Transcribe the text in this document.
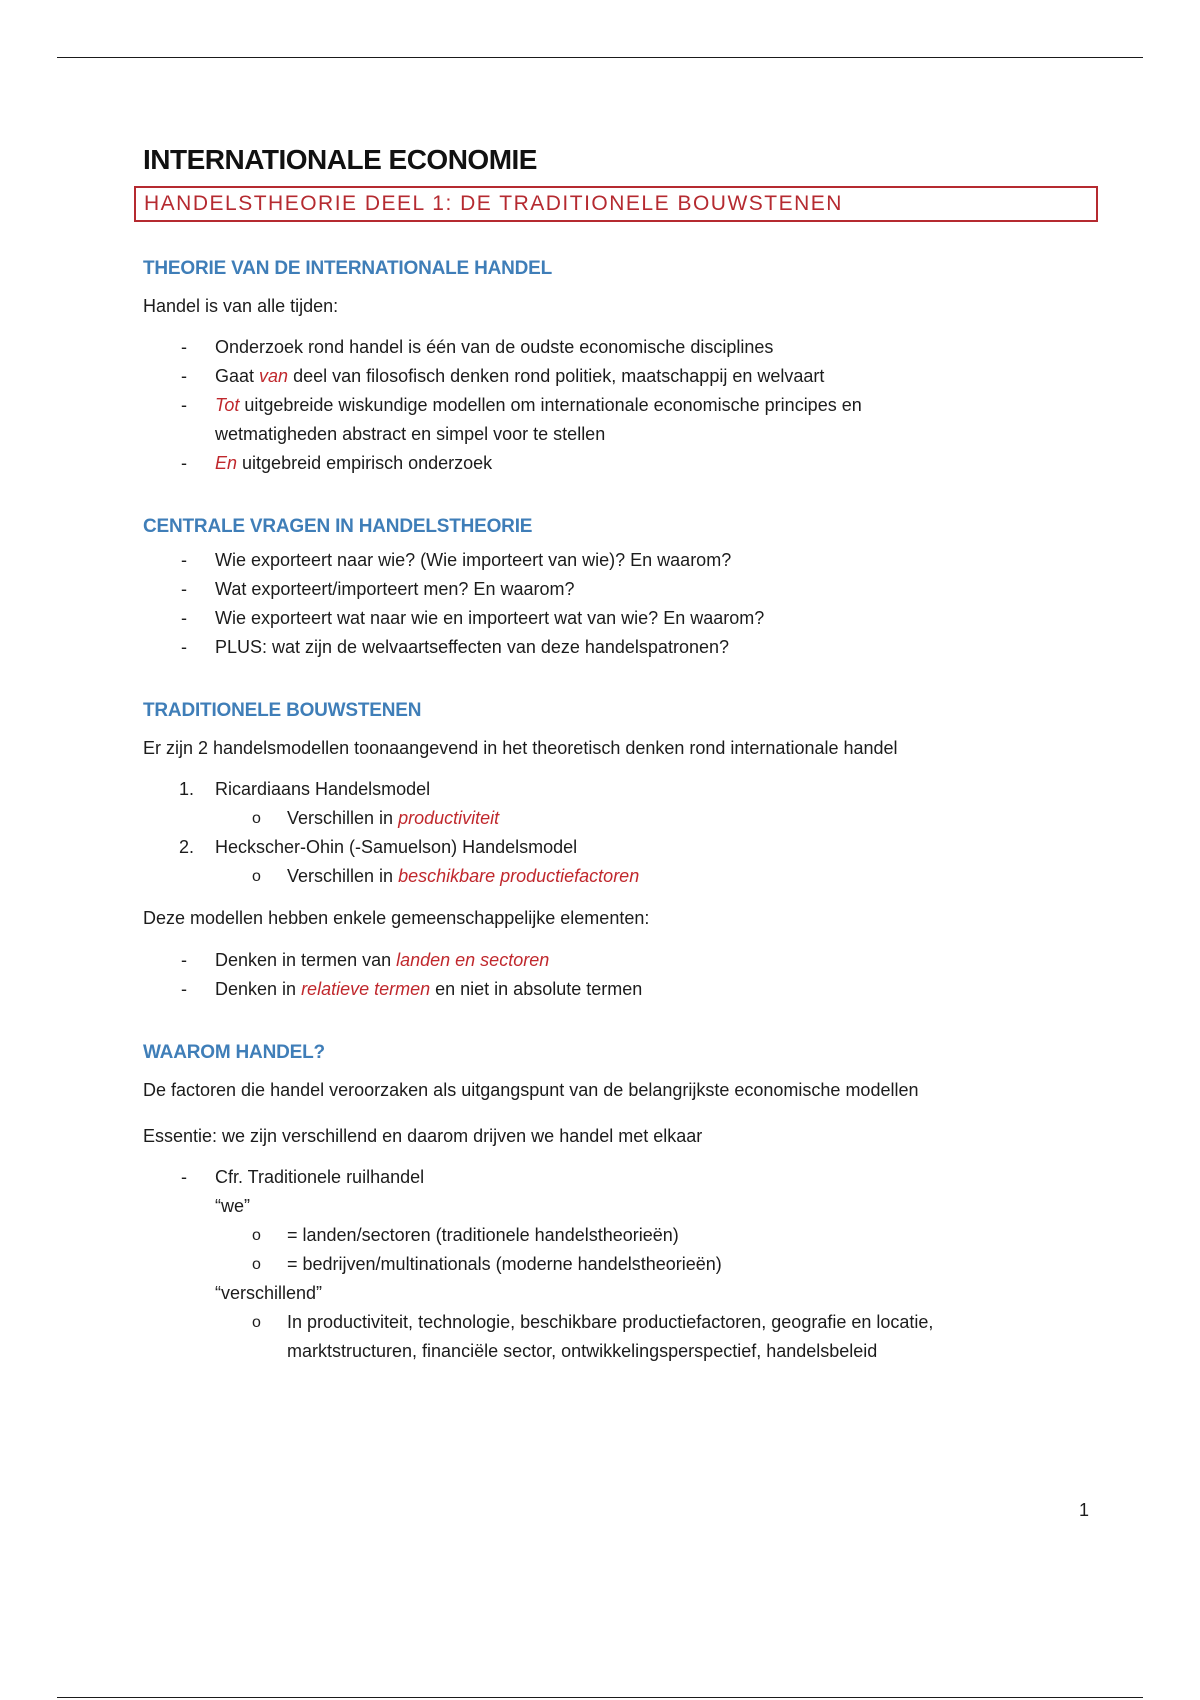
INTERNATIONALE ECONOMIE
HANDELSTHEORIE DEEL 1: DE TRADITIONELE BOUWSTENEN
THEORIE VAN DE INTERNATIONALE HANDEL

Handel is van alle tijden:

- Onderzoek rond handel is één van de oudste economische disciplines
- Gaat van deel van filosofisch denken rond politiek, maatschappij en welvaart
- Tot uitgebreide wiskundige modellen om internationale economische principes en
wetmatigheden abstract en simpel voor te stellen
- En uitgebreid empirisch onderzoek
CENTRALE VRAGEN IN HANDELSTHEORIE
- Wie exporteert naar wie? (Wie importeert van wie)? En waarom?
- Wat exporteert/importeert men? En waarom?
- Wie exporteert wat naar wie en importeert wat van wie? En waarom?
- PLUS: wat zijn de welvaartseffecten van deze handelspatronen?
TRADITIONELE BOUWSTENEN

Er zijn 2 handelsmodellen toonaangevend in het theoretisch denken rond internationale handel

1. Ricardiaans Handelsmodel
o Verschillen in productiviteit
2. Heckscher-Ohin (-Samuelson) Handelsmodel
o Verschillen in beschikbare productiefactoren

Deze modellen hebben enkele gemeenschappelijke elementen:

- Denken in termen van landen en sectoren
- Denken in relatieve termen en niet in absolute termen
WAAROM HANDEL?

De factoren die handel veroorzaken als uitgangspunt van de belangrijkste economische modellen

Essentie: we zijn verschillend en daarom drijven we handel met elkaar

- Cfr. Traditionele ruilhandel
“we”
o = landen/sectoren (traditionele handelstheorieën)
o = bedrijven/multinationals (moderne handelstheorieën)
“verschillend”
o In productiviteit, technologie, beschikbare productiefactoren, geografie en locatie,
marktstructuren, financiële sector, ontwikkelingsperspectief, handelsbeleid
1
